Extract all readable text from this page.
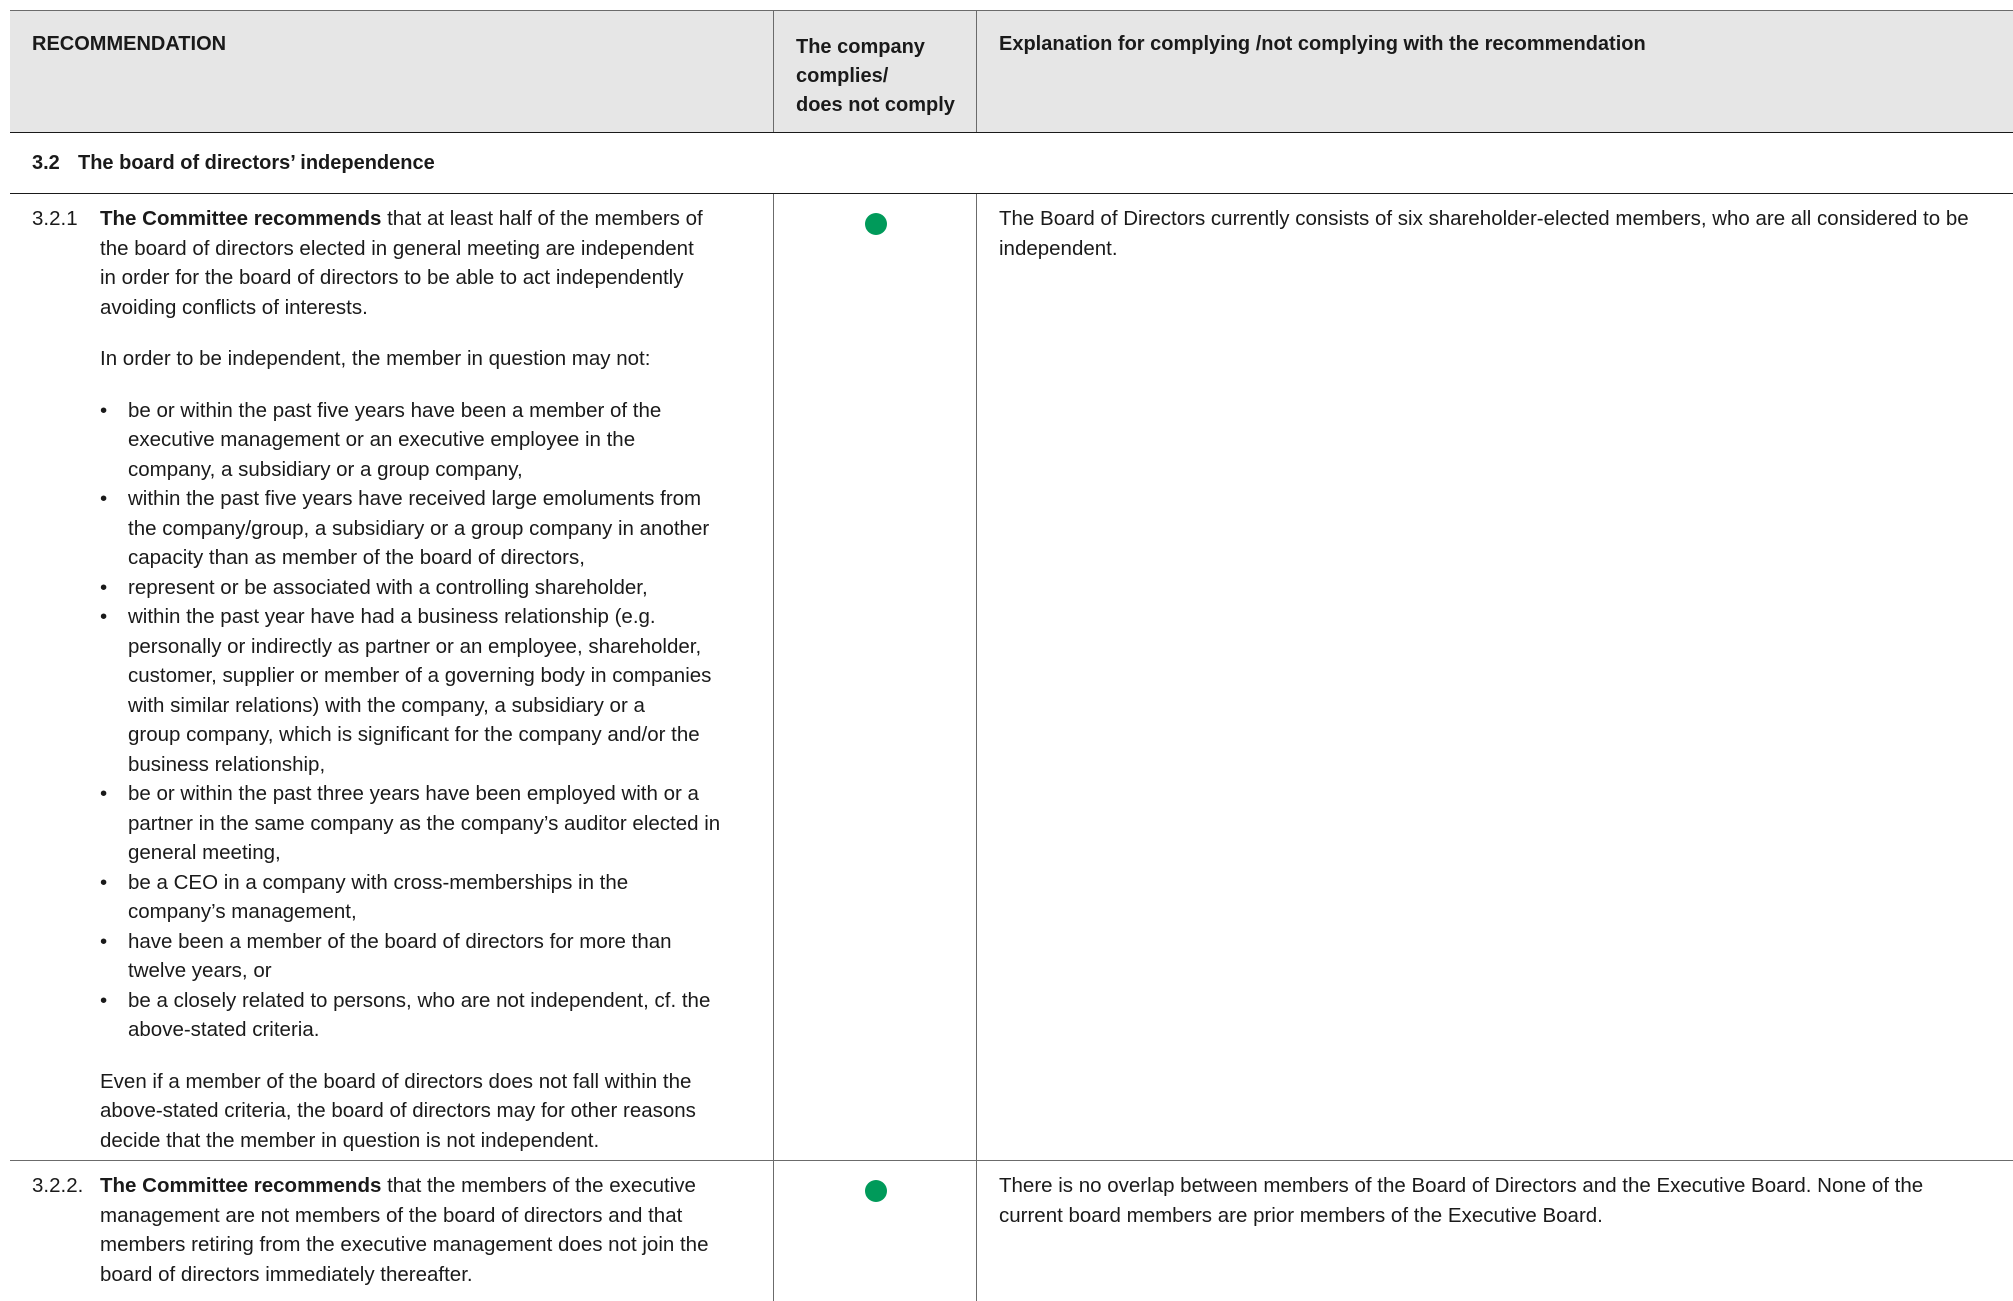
RECOMMENDATION	The company
complies/
does not comply
Explanation for complying /not complying with the recommendation
3.2 The board of directors’ independence
3.2.1	The Committee recommends that at least half of the members of
the board of directors elected in general meeting are independent
in order for the board of directors to be able to act independently
avoiding conflicts of interests.

In order to be independent, the member in question may not:

• be or within the past five years have been a member of the
executive management or an executive employee in the
company, a subsidiary or a group company,
• within the past five years have received large emoluments from
the company/group, a subsidiary or a group company in another
capacity than as member of the board of directors,
• represent or be associated with a controlling shareholder,
• within the past year have had a business relationship (e.g.
personally or indirectly as partner or an employee, shareholder,
customer, supplier or member of a governing body in companies
with similar relations) with the company, a subsidiary or a
group company, which is significant for the company and/or the
business relationship,
• be or within the past three years have been employed with or a
partner in the same company as the company’s auditor elected in
general meeting,
• be a CEO in a company with cross-memberships in the
company’s management,
• have been a member of the board of directors for more than
twelve years, or
• be a closely related to persons, who are not independent, cf. the
above-stated criteria.

Even if a member of the board of directors does not fall within the
above-stated criteria, the board of directors may for other reasons
decide that the member in question is not independent.

The Board of Directors currently consists of six shareholder-elected members, who are all considered to be
independent.
3.2.2. The Committee recommends that the members of the executive
management are not members of the board of directors and that
members retiring from the executive management does not join the
board of directors immediately thereafter.

There is no overlap between members of the Board of Directors and the Executive Board. None of the
current board members are prior members of the Executive Board.
